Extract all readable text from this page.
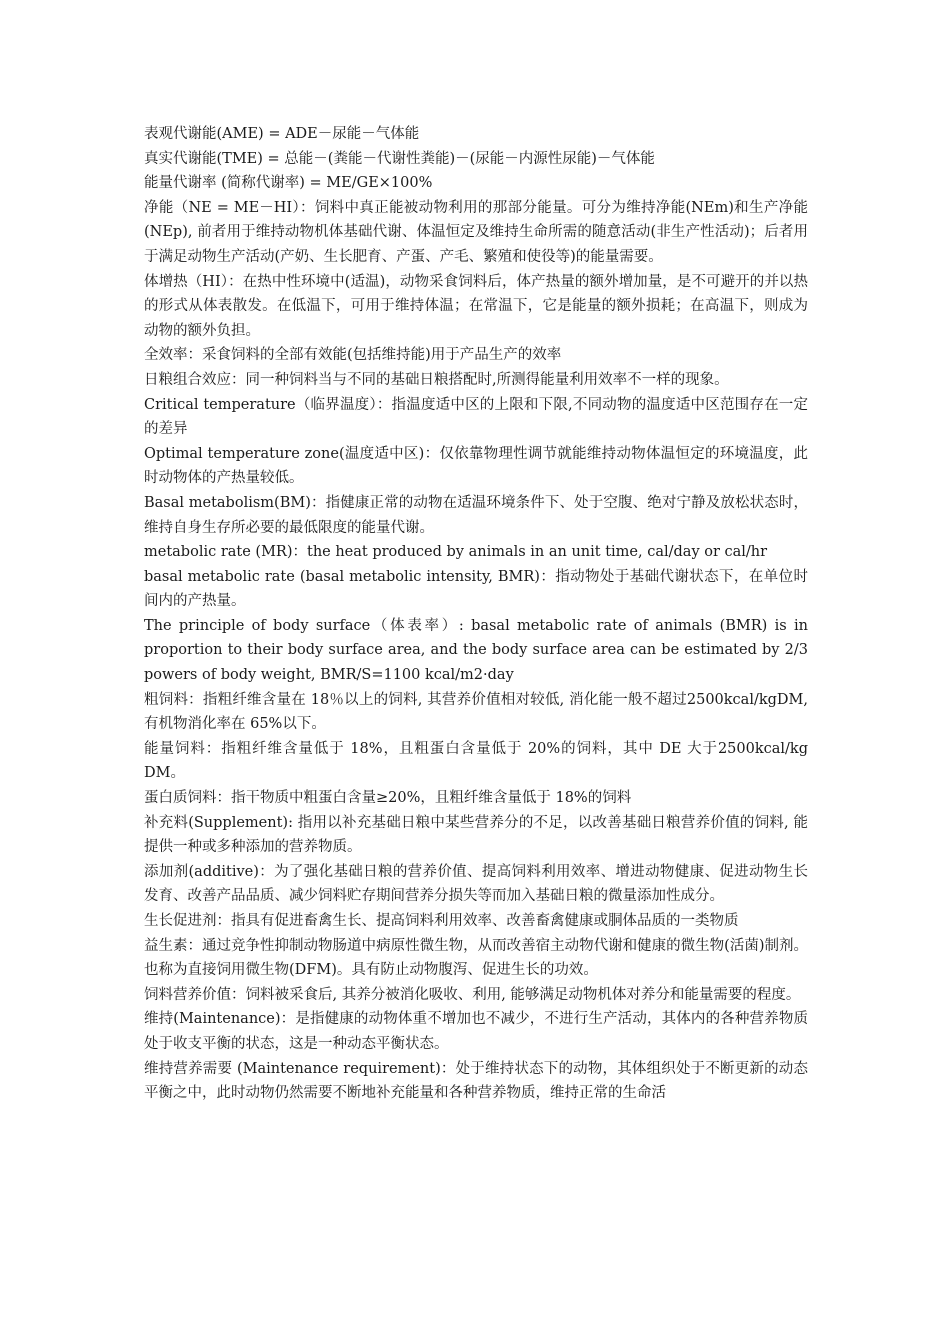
表观代谢能(AME) = ADE－尿能－气体能

真实代谢能(TME) = 总能－(粪能－代谢性粪能)－(尿能－内源性尿能)－气体能

能量代谢率 (简称代谢率) = ME/GE×100%

净能（NE = ME－HI）：饲料中真正能被动物利用的那部分能量。可分为维持净能(NEm)和生产净能(NEp), 前者用于维持动物机体基础代谢、体温恒定及维持生命所需的随意活动(非生产性活动)；后者用于满足动物生产活动(产奶、生长肥育、产蛋、产毛、繁殖和使役等)的能量需要。

体增热（HI）：在热中性环境中(适温)，动物采食饲料后，体产热量的额外增加量，是不可避开的并以热的形式从体表散发。在低温下，可用于维持体温；在常温下，它是能量的额外损耗；在高温下，则成为动物的额外负担。

全效率：采食饲料的全部有效能(包括维持能)用于产品生产的效率

日粮组合效应：同一种饲料当与不同的基础日粮搭配时,所测得能量利用效率不一样的现象。

Critical temperature（临界温度）：指温度适中区的上限和下限,不同动物的温度适中区范围存在一定的差异

Optimal temperature zone(温度适中区)：仅依靠物理性调节就能维持动物体温恒定的环境温度，此时动物体的产热量较低。

Basal metabolism(BM)：指健康正常的动物在适温环境条件下、处于空腹、绝对宁静及放松状态时，维持自身生存所必要的最低限度的能量代谢。

metabolic rate (MR)：the heat produced by animals in an unit time, cal/day or cal/hr

basal metabolic rate (basal metabolic intensity, BMR)：指动物处于基础代谢状态下，在单位时间内的产热量。

The principle of body surface（体表率）: basal metabolic rate of animals (BMR) is in proportion to their body surface area, and the body surface area can be estimated by 2/3 powers of body weight, BMR/S=1100 kcal/m2·day

粗饲料：指粗纤维含量在 18％以上的饲料, 其营养价值相对较低, 消化能一般不超过2500kcal/kgDM,有机物消化率在 65%以下。

能量饲料：指粗纤维含量低于 18%，且粗蛋白含量低于 20%的饲料，其中 DE 大于2500kcal/kg DM。

蛋白质饲料：指干物质中粗蛋白含量≥20%，且粗纤维含量低于 18%的饲料

补充料(Supplement): 指用以补充基础日粮中某些营养分的不足，以改善基础日粮营养价值的饲料, 能提供一种或多种添加的营养物质。

添加剂(additive)：为了强化基础日粮的营养价值、提高饲料利用效率、增进动物健康、促进动物生长发育、改善产品品质、减少饲料贮存期间营养分损失等而加入基础日粮的微量添加性成分。

生长促进剂：指具有促进畜禽生长、提高饲料利用效率、改善畜禽健康或胴体品质的一类物质

益生素：通过竞争性抑制动物肠道中病原性微生物，从而改善宿主动物代谢和健康的微生物(活菌)制剂。也称为直接饲用微生物(DFM)。具有防止动物腹泻、促进生长的功效。

饲料营养价值：饲料被采食后, 其养分被消化吸收、利用, 能够满足动物机体对养分和能量需要的程度。

维持(Maintenance)：是指健康的动物体重不增加也不减少，不进行生产活动，其体内的各种营养物质处于收支平衡的状态，这是一种动态平衡状态。

维持营养需要 (Maintenance requirement)：处于维持状态下的动物，其体组织处于不断更新的动态平衡之中，此时动物仍然需要不断地补充能量和各种营养物质，维持正常的生命活
